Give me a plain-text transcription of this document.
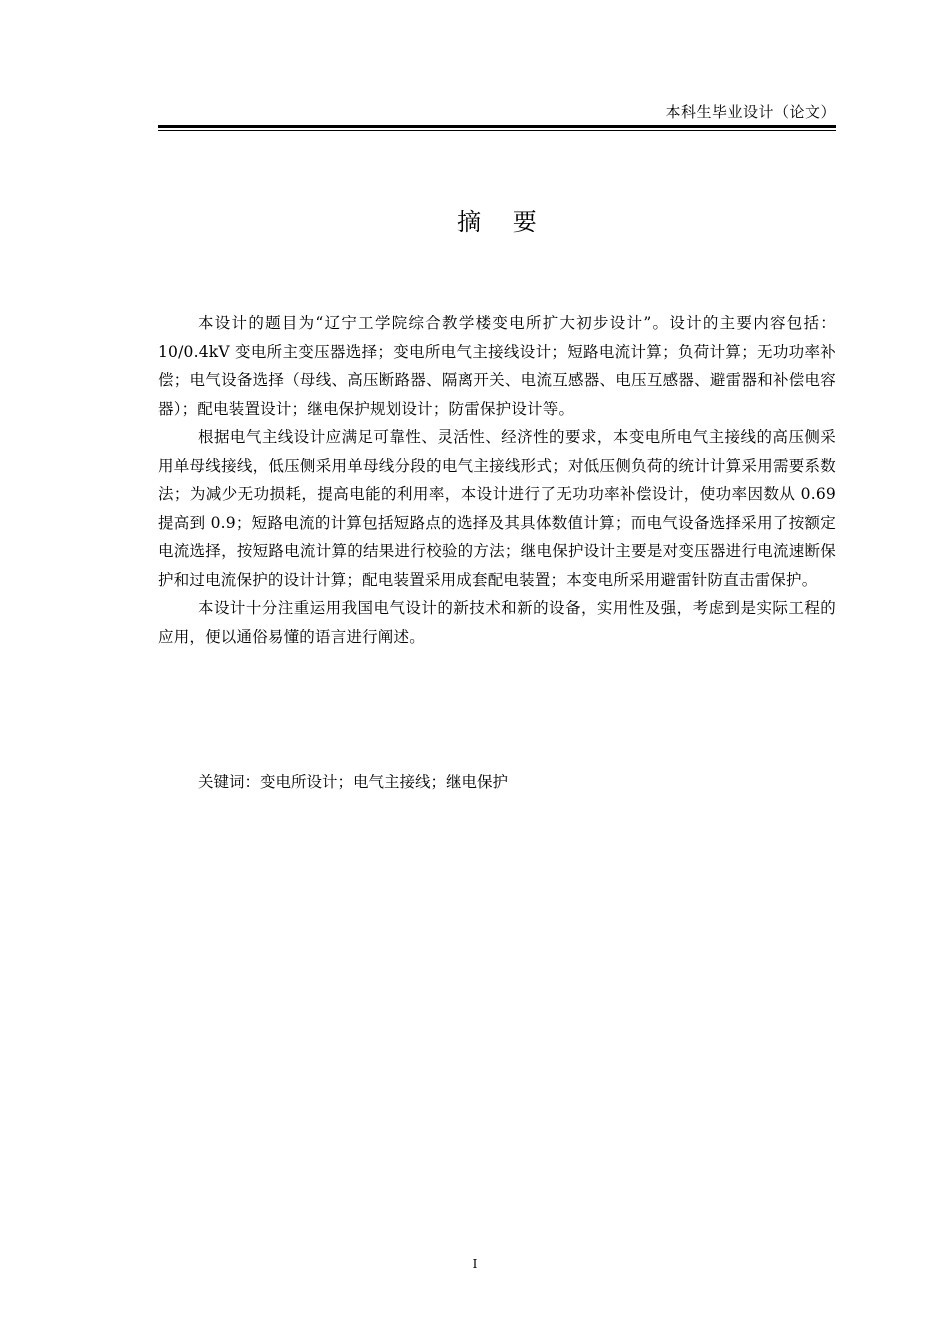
本科生毕业设计（论文）
摘 要

本设计的题目为“辽宁工学院综合教学楼变电所扩大初步设计”。设计的主要内容包括：10/0.4kV 变电所主变压器选择；变电所电气主接线设计；短路电流计算；负荷计算；无功功率补偿；电气设备选择（母线、高压断路器、隔离开关、电流互感器、电压互感器、避雷器和补偿电容器）；配电装置设计；继电保护规划设计；防雷保护设计等。

根据电气主线设计应满足可靠性、灵活性、经济性的要求，本变电所电气主接线的高压侧采用单母线接线，低压侧采用单母线分段的电气主接线形式；对低压侧负荷的统计计算采用需要系数法；为减少无功损耗，提高电能的利用率，本设计进行了无功功率补偿设计，使功率因数从 0.69 提高到 0.9；短路电流的计算包括短路点的选择及其具体数值计算；而电气设备选择采用了按额定电流选择，按短路电流计算的结果进行校验的方法；继电保护设计主要是对变压器进行电流速断保护和过电流保护的设计计算；配电装置采用成套配电装置；本变电所采用避雷针防直击雷保护。

本设计十分注重运用我国电气设计的新技术和新的设备，实用性及强，考虑到是实际工程的应用，便以通俗易懂的语言进行阐述。

关键词：变电所设计；电气主接线；继电保护
I
